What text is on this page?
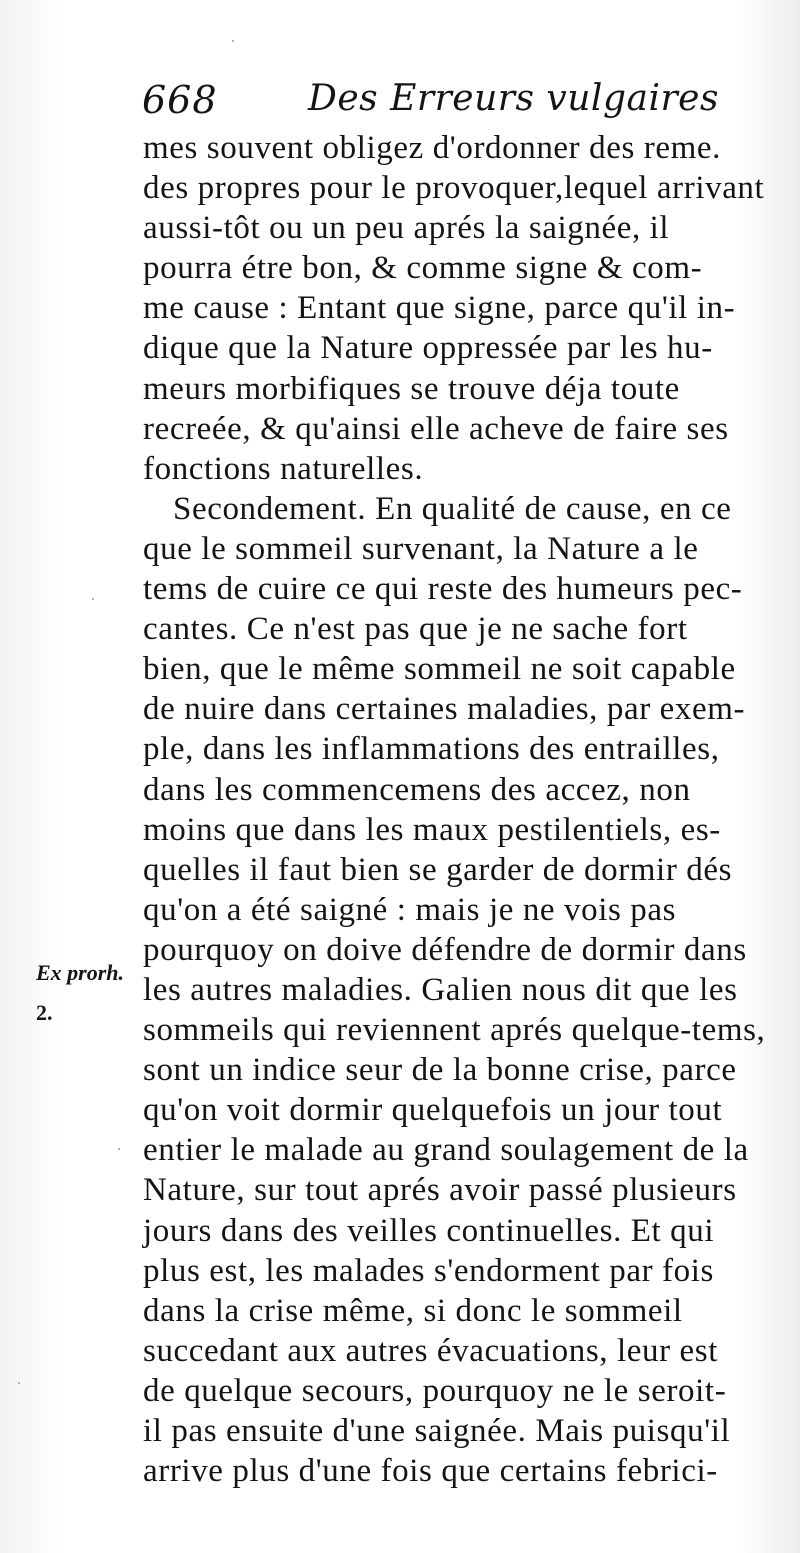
668	Des Erreurs vulgaires
Ex prorh.
2.
mes souvent obligez d'ordonner des reme.
des propres pour le provoquer,lequel arrivant
aussi-tôt ou un peu aprés la saignée, il
pourra étre bon, & comme signe & com-
me cause : Entant que signe, parce qu'il in-
dique que la Nature oppressée par les hu-
meurs morbifiques se trouve déja toute
recreée, & qu'ainsi elle acheve de faire ses
fonctions naturelles.
Secondement. En qualité de cause, en ce
que le sommeil survenant, la Nature a le
tems de cuire ce qui reste des humeurs pec-
cantes. Ce n'est pas que je ne sache fort
bien, que le même sommeil ne soit capable
de nuire dans certaines maladies, par exem-
ple, dans les inflammations des entrailles,
dans les commencemens des accez, non
moins que dans les maux pestilentiels, es-
quelles il faut bien se garder de dormir dés
qu'on a été saigné : mais je ne vois pas
pourquoy on doive défendre de dormir dans
les autres maladies. Galien nous dit que les
sommeils qui reviennent aprés quelque-tems,
sont un indice seur de la bonne crise, parce
qu'on voit dormir quelquefois un jour tout
entier le malade au grand soulagement de la
Nature, sur tout aprés avoir passé plusieurs
jours dans des veilles continuelles. Et qui
plus est, les malades s'endorment par fois
dans la crise même, si donc le sommeil
succedant aux autres évacuations, leur est
de quelque secours, pourquoy ne le seroit-
il pas ensuite d'une saignée. Mais puisqu'il
arrive plus d'une fois que certains febrici-
